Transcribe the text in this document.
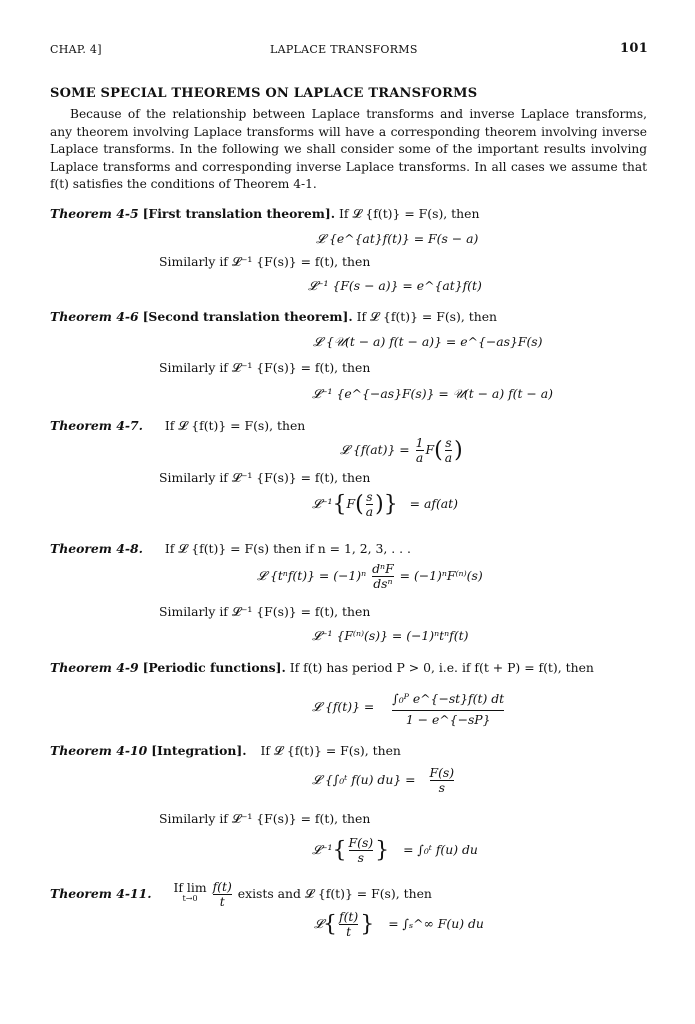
CHAP. 4]	LAPLACE TRANSFORMS	101
SOME SPECIAL THEOREMS ON LAPLACE TRANSFORMS

Because of the relationship between Laplace transforms and inverse Laplace transforms, any theorem involving Laplace transforms will have a corresponding theorem involving inverse Laplace transforms. In the following we shall consider some of the important results involving Laplace transforms and corresponding inverse Laplace transforms. In all cases we assume that f(t) satisfies the conditions of Theorem 4-1.

Theorem 4-5 [First translation theorem]. If 𝓛 {f(t)} = F(s), then
𝓛 {e^{at}f(t)} = F(s − a)
Similarly if 𝓛⁻¹ {F(s)} = f(t), then
𝓛⁻¹ {F(s − a)} = e^{at}f(t)
Theorem 4-6 [Second translation theorem]. If 𝓛 {f(t)} = F(s), then
𝓛 {𝒰(t − a) f(t − a)} = e^{−as}F(s)
Similarly if 𝓛⁻¹ {F(s)} = f(t), then
𝓛⁻¹ {e^{−as}F(s)} = 𝒰(t − a) f(t − a)
Theorem 4-7. If 𝓛 {f(t)} = F(s), then
𝓛 $\{f(at)\} = \frac{1}{a} F( \frac{s}{a}$ )
Similarly if 𝓛⁻¹ {F(s)} = f(t), then
𝓛⁻¹{F( $\frac{s}{a}$ )} = af(at)
Theorem 4-8. If 𝓛 {f(t)} = F(s) then if n = 1, 2, 3, . . .
𝓛 $\{t^nf(t)\} = (-1)^n \frac{\text{dⁿF}}{\text{dsⁿ}} = (-1)^nF^{(n)}(s)$
Similarly if 𝓛⁻¹ {F(s)} = f(t), then
𝓛⁻¹ {F⁽ⁿ⁾(s)} = (−1)ⁿtⁿf(t)
Theorem 4-9 [Periodic functions]. If f(t) has period P > 0, i.e. if f(t + P) = f(t), then
𝓛 $\{f(t)\} = \frac{\text{∫₀ᴾ e\textasciicircum{}\{−st\}f(t) dt}}{1 - e\^{}\{-sP\}}$
Theorem 4-10 [Integration]. If 𝓛 {f(t)} = F(s), then
𝓛 {∫₀ᵗ f(u) $du\} = \frac{F(s)}{s}$
Similarly if 𝓛⁻¹ {F(s)} = f(t), then
𝓛⁻¹{ $\frac{F(s)}{s}$ } = ∫₀ᵗ f(u) du
Theorem 4-11. If lim
t→0
	$\frac{f(t)}{t}$ exists and 𝓛 {f(t)} = F(s), then
𝓛{ $\frac{f(t)}{t}$ } = ∫ₛ^∞ F(u) du
